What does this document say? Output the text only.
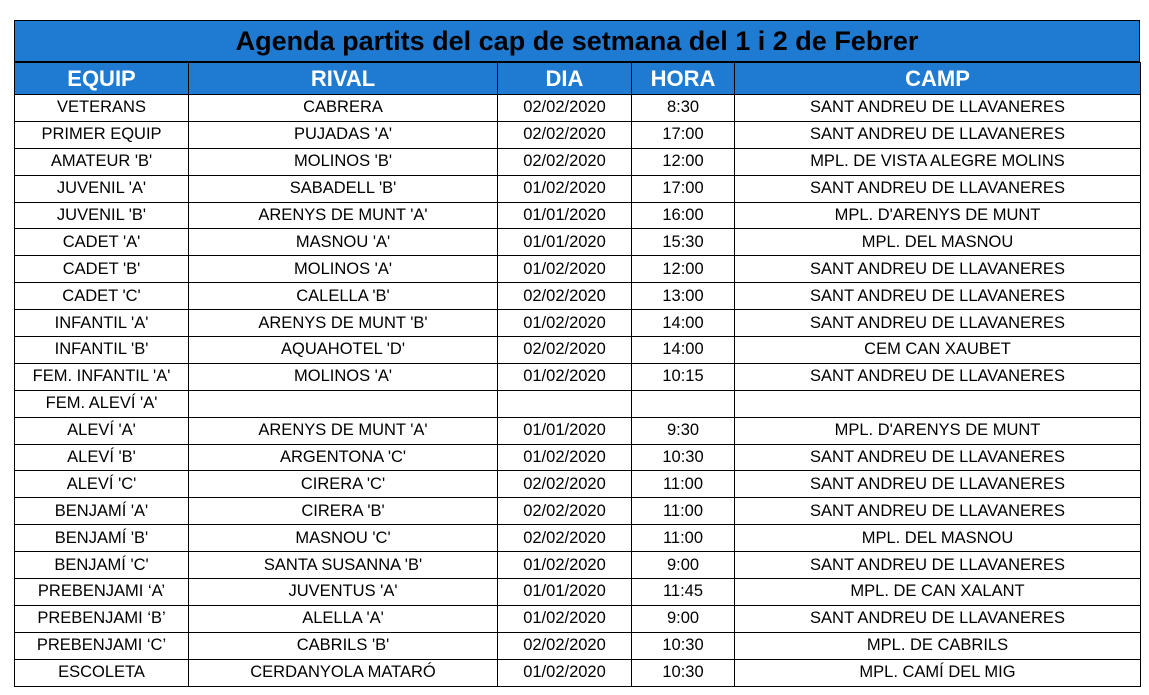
Agenda partits del cap de setmana del 1 i 2 de Febrer
EQUIP	RIVAL	DIA	HORA	CAMP
VETERANS	CABRERA	02/02/2020	8:30	SANT ANDREU DE LLAVANERES
PRIMER EQUIP	PUJADAS 'A'	02/02/2020	17:00	SANT ANDREU DE LLAVANERES
AMATEUR 'B'	MOLINOS 'B'	02/02/2020	12:00	MPL. DE VISTA ALEGRE MOLINS
JUVENIL 'A'	SABADELL 'B'	01/02/2020	17:00	SANT ANDREU DE LLAVANERES
JUVENIL 'B'	ARENYS DE MUNT 'A'	01/01/2020	16:00	MPL. D'ARENYS DE MUNT
CADET 'A'	MASNOU 'A'	01/01/2020	15:30	MPL. DEL MASNOU
CADET 'B'	MOLINOS 'A'	01/02/2020	12:00	SANT ANDREU DE LLAVANERES
CADET 'C'	CALELLA 'B'	02/02/2020	13:00	SANT ANDREU DE LLAVANERES
INFANTIL 'A'	ARENYS DE MUNT 'B'	01/02/2020	14:00	SANT ANDREU DE LLAVANERES
INFANTIL 'B'	AQUAHOTEL 'D'	02/02/2020	14:00	CEM CAN XAUBET
FEM. INFANTIL 'A'	MOLINOS 'A'	01/02/2020	10:15	SANT ANDREU DE LLAVANERES
FEM. ALEVÍ 'A'				
ALEVÍ 'A'	ARENYS DE MUNT 'A'	01/01/2020	9:30	MPL. D'ARENYS DE MUNT
ALEVÍ 'B'	ARGENTONA 'C'	01/02/2020	10:30	SANT ANDREU DE LLAVANERES
ALEVÍ 'C'	CIRERA 'C'	02/02/2020	11:00	SANT ANDREU DE LLAVANERES
BENJAMÍ 'A'	CIRERA 'B'	02/02/2020	11:00	SANT ANDREU DE LLAVANERES
BENJAMÍ 'B'	MASNOU 'C'	02/02/2020	11:00	MPL. DEL MASNOU
BENJAMÍ 'C'	SANTA SUSANNA 'B'	01/02/2020	9:00	SANT ANDREU DE LLAVANERES
PREBENJAMI ‘A’	JUVENTUS 'A'	01/01/2020	11:45	MPL. DE CAN XALANT
PREBENJAMI ‘B’	ALELLA 'A'	01/02/2020	9:00	SANT ANDREU DE LLAVANERES
PREBENJAMI ‘C’	CABRILS 'B'	02/02/2020	10:30	MPL. DE CABRILS
ESCOLETA	CERDANYOLA MATARÓ	01/02/2020	10:30	MPL. CAMÍ DEL MIG
